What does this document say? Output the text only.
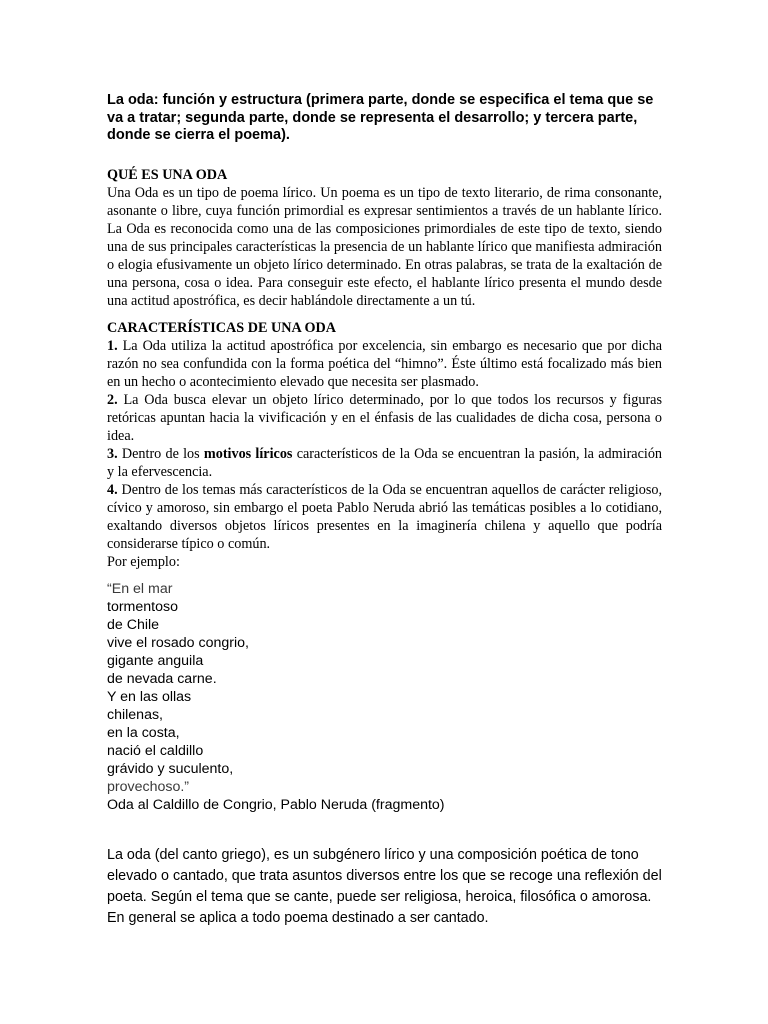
La oda: función y estructura (primera parte, donde se especifica el tema que se va a tratar; segunda parte, donde se representa el desarrollo; y tercera parte, donde se cierra el poema).

QUÉ ES UNA ODA

Una Oda es un tipo de poema lírico. Un poema es un tipo de texto literario, de rima consonante, asonante o libre, cuya función primordial es expresar sentimientos a través de un hablante lírico. La Oda es reconocida como una de las composiciones primordiales de este tipo de texto, siendo una de sus principales características la presencia de un hablante lírico que manifiesta admiración o elogia efusivamente un objeto lírico determinado. En otras palabras, se trata de la exaltación de una persona, cosa o idea. Para conseguir este efecto, el hablante lírico presenta el mundo desde una actitud apostrófica, es decir hablándole directamente a un tú.

CARACTERÍSTICAS DE UNA ODA

1. La Oda utiliza la actitud apostrófica por excelencia, sin embargo es necesario que por dicha razón no sea confundida con la forma poética del “himno”. Éste último está focalizado más bien en un hecho o acontecimiento elevado que necesita ser plasmado.

2. La Oda busca elevar un objeto lírico determinado, por lo que todos los recursos y figuras retóricas apuntan hacia la vivificación y en el énfasis de las cualidades de dicha cosa, persona o idea.

3. Dentro de los motivos líricos característicos de la Oda se encuentran la pasión, la admiración y la efervescencia.

4. Dentro de los temas más característicos de la Oda se encuentran aquellos de carácter religioso, cívico y amoroso, sin embargo el poeta Pablo Neruda abrió las temáticas posibles a lo cotidiano, exaltando diversos objetos líricos presentes en la imaginería chilena y aquello que podría considerarse típico o común.

Por ejemplo:

“En el mar
tormentoso
de Chile
vive el rosado congrio,
gigante anguila
de nevada carne.
Y en las ollas
chilenas,
en la costa,
nació el caldillo
grávido y suculento,
provechoso.”
Oda al Caldillo de Congrio, Pablo Neruda (fragmento)

La oda (del canto griego), es un subgénero lírico y una composición poética de tono elevado o cantado, que trata asuntos diversos entre los que se recoge una reflexión del poeta. Según el tema que se cante, puede ser religiosa, heroica, filosófica o amorosa. En general se aplica a todo poema destinado a ser cantado.
